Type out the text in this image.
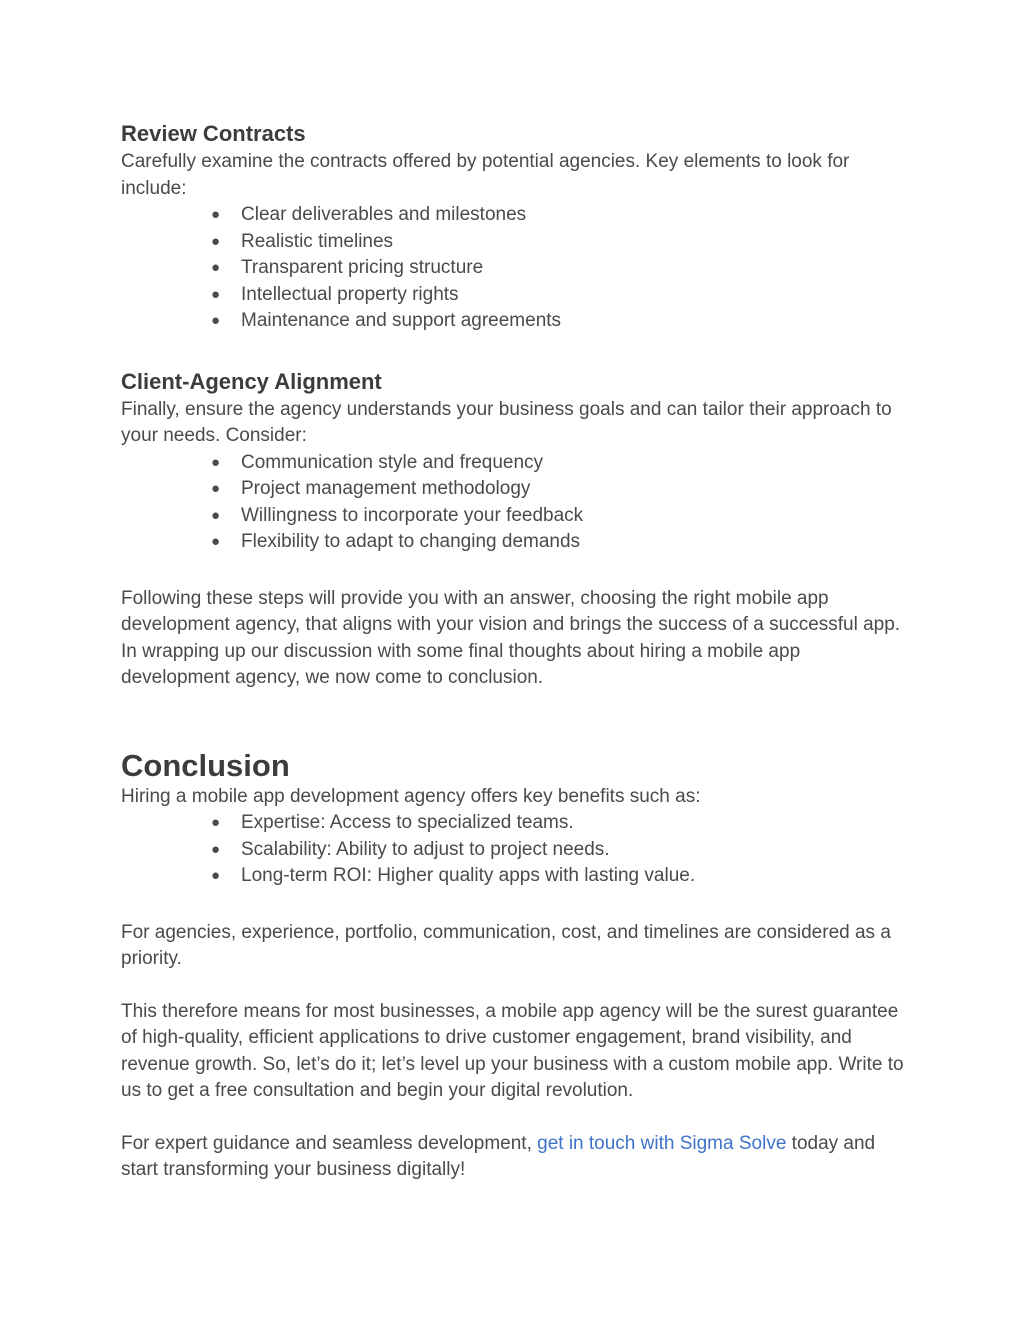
Review Contracts

Carefully examine the contracts offered by potential agencies. Key elements to look for include:

● Clear deliverables and milestones
● Realistic timelines
● Transparent pricing structure
● Intellectual property rights
● Maintenance and support agreements
Client-Agency Alignment

Finally, ensure the agency understands your business goals and can tailor their approach to your needs. Consider:

● Communication style and frequency
● Project management methodology
● Willingness to incorporate your feedback
● Flexibility to adapt to changing demands

Following these steps will provide you with an answer, choosing the right mobile app development agency, that aligns with your vision and brings the success of a successful app. In wrapping up our discussion with some final thoughts about hiring a mobile app development agency, we now come to conclusion.

Conclusion

Hiring a mobile app development agency offers key benefits such as:

● Expertise: Access to specialized teams.
● Scalability: Ability to adjust to project needs.
● Long-term ROI: Higher quality apps with lasting value.

For agencies, experience, portfolio, communication, cost, and timelines are considered as a priority.

This therefore means for most businesses, a mobile app agency will be the surest guarantee of high-quality, efficient applications to drive customer engagement, brand visibility, and revenue growth. So, let’s do it; let’s level up your business with a custom mobile app. Write to us to get a free consultation and begin your digital revolution.

For expert guidance and seamless development, get in touch with Sigma Solve today and start transforming your business digitally!
